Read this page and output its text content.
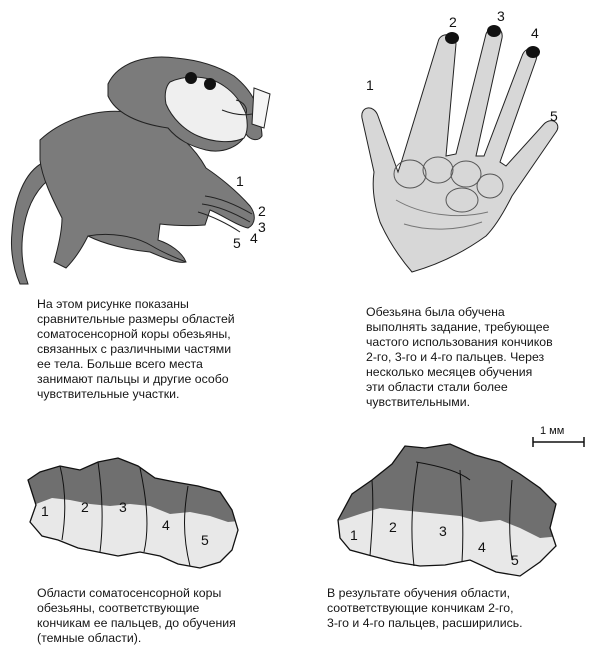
1
2
3
4
5
1
2	3
4
5
1 мм
1 2 3
4
5	1 2	3
4
5
На этом рисунке показаны
сравнительные размеры областей
соматосенсорной коры обезьяны,
связанных с различными частями
ее тела. Больше всего места
занимают пальцы и другие особо
чувствительные участки.
Обезьяна была обучена
выполнять задание, требующее
частого использования кончиков
2-го, 3-го и 4-го пальцев. Через
несколько месяцев обучения
эти области стали более
чувствительными.
Области соматосенсорной коры
обезьяны, соответствующие
кончикам ее пальцев, до обучения
(темные области).
В результате обучения области,
соответствующие кончикам 2-го,
3-го и 4-го пальцев, расширились.
